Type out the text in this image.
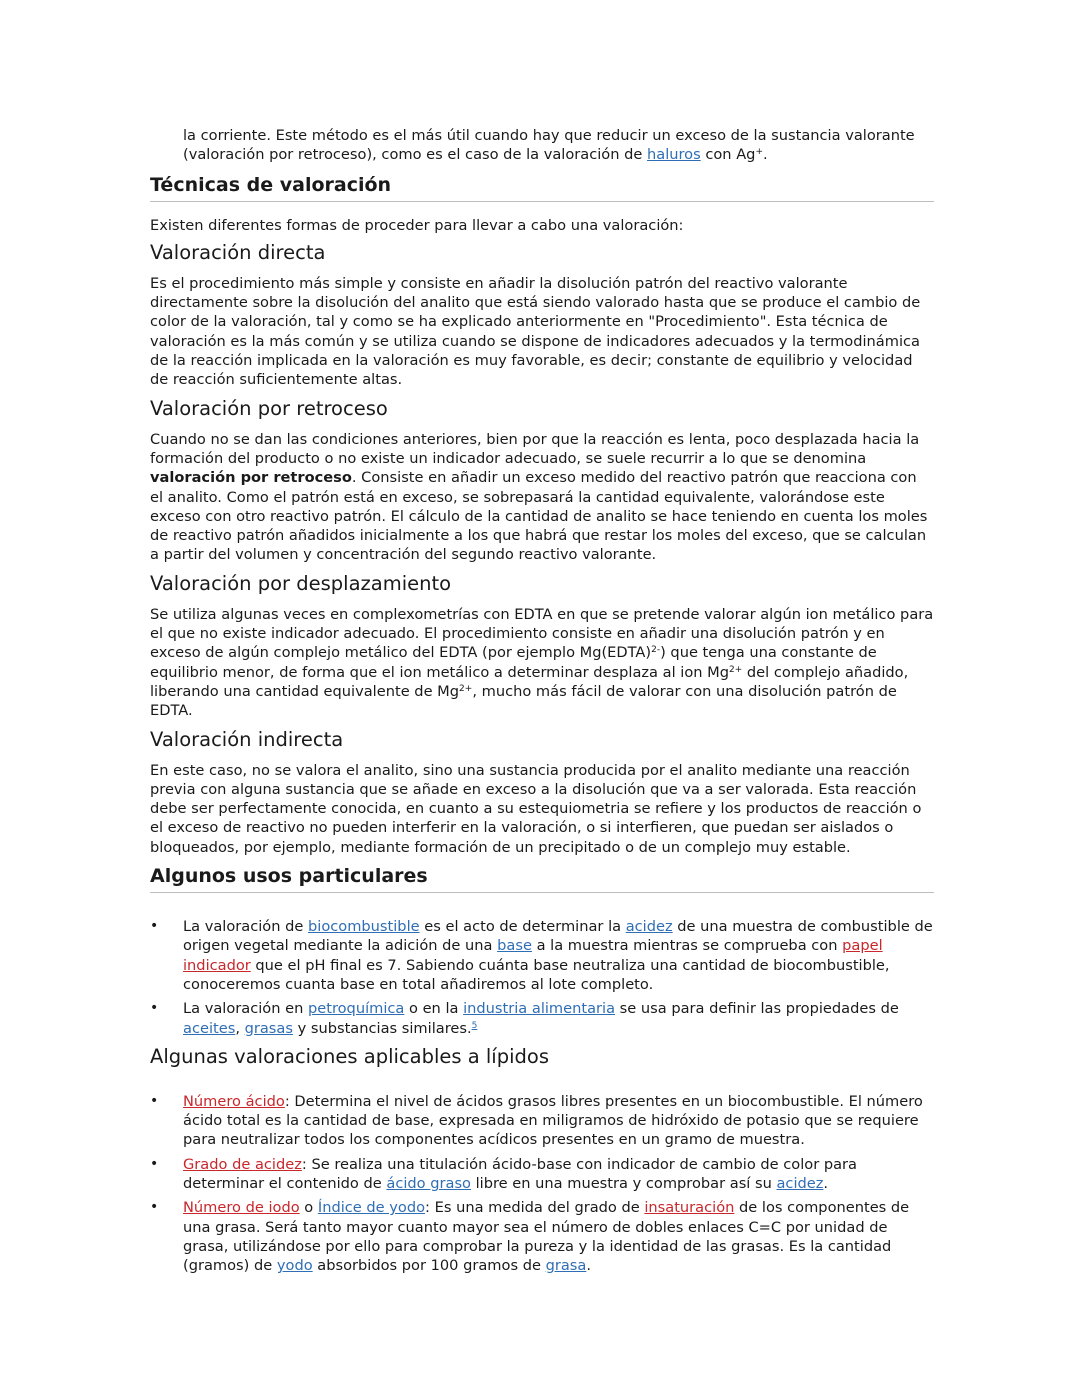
la corriente. Este método es el más útil cuando hay que reducir un exceso de la sustancia valorante (valoración por retroceso), como es el caso de la valoración de haluros con Ag+.

Técnicas de valoración

Existen diferentes formas de proceder para llevar a cabo una valoración:

Valoración directa

Es el procedimiento más simple y consiste en añadir la disolución patrón del reactivo valorante directamente sobre la disolución del analito que está siendo valorado hasta que se produce el cambio de color de la valoración, tal y como se ha explicado anteriormente en "Procedimiento". Esta técnica de valoración es la más común y se utiliza cuando se dispone de indicadores adecuados y la termodinámica de la reacción implicada en la valoración es muy favorable, es decir; constante de equilibrio y velocidad de reacción suficientemente altas.

Valoración por retroceso

Cuando no se dan las condiciones anteriores, bien por que la reacción es lenta, poco desplazada hacia la formación del producto o no existe un indicador adecuado, se suele recurrir a lo que se denomina valoración por retroceso. Consiste en añadir un exceso medido del reactivo patrón que reacciona con el analito. Como el patrón está en exceso, se sobrepasará la cantidad equivalente, valorándose este exceso con otro reactivo patrón. El cálculo de la cantidad de analito se hace teniendo en cuenta los moles de reactivo patrón añadidos inicialmente a los que habrá que restar los moles del exceso, que se calculan a partir del volumen y concentración del segundo reactivo valorante.

Valoración por desplazamiento

Se utiliza algunas veces en complexometrías con EDTA en que se pretende valorar algún ion metálico para el que no existe indicador adecuado. El procedimiento consiste en añadir una disolución patrón y en exceso de algún complejo metálico del EDTA (por ejemplo Mg(EDTA)$^{2-}$) que tenga una constante de equilibrio menor, de forma que el ion metálico a determinar desplaza al ion $Mg^{2+}$ del complejo añadido, liberando una cantidad equivalente de $Mg^{2+}$, mucho más fácil de valorar con una disolución patrón de EDTA.

Valoración indirecta

En este caso, no se valora el analito, sino una sustancia producida por el analito mediante una reacción previa con alguna sustancia que se añade en exceso a la disolución que va a ser valorada. Esta reacción debe ser perfectamente conocida, en cuanto a su estequiometria se refiere y los productos de reacción o el exceso de reactivo no pueden interferir en la valoración, o si interfieren, que puedan ser aislados o bloqueados, por ejemplo, mediante formación de un precipitado o de un complejo muy estable.

Algunos usos particulares
• La valoración de biocombustible es el acto de determinar la acidez de una muestra de combustible de origen vegetal mediante la adición de una base a la muestra mientras se comprueba con papel indicador que el pH final es 7. Sabiendo cuánta base neutraliza una cantidad de biocombustible, conoceremos cuanta base en total añadiremos al lote completo.
• La valoración en petroquímica o en la industria alimentaria se usa para definir las propiedades de aceites, grasas y substancias similares.$^5$
Algunas valoraciones aplicables a lípidos
• Número ácido: Determina el nivel de ácidos grasos libres presentes en un biocombustible. El número ácido total es la cantidad de base, expresada en miligramos de hidróxido de potasio que se requiere para neutralizar todos los componentes acídicos presentes en un gramo de muestra.
• Grado de acidez: Se realiza una titulación ácido-base con indicador de cambio de color para determinar el contenido de ácido graso libre en una muestra y comprobar así su acidez.
• Número de iodo o Índice de yodo: Es una medida del grado de insaturación de los componentes de una grasa. Será tanto mayor cuanto mayor sea el número de dobles enlaces C=C por unidad de grasa, utilizándose por ello para comprobar la pureza y la identidad de las grasas. Es la cantidad (gramos) de yodo absorbidos por 100 gramos de grasa.
